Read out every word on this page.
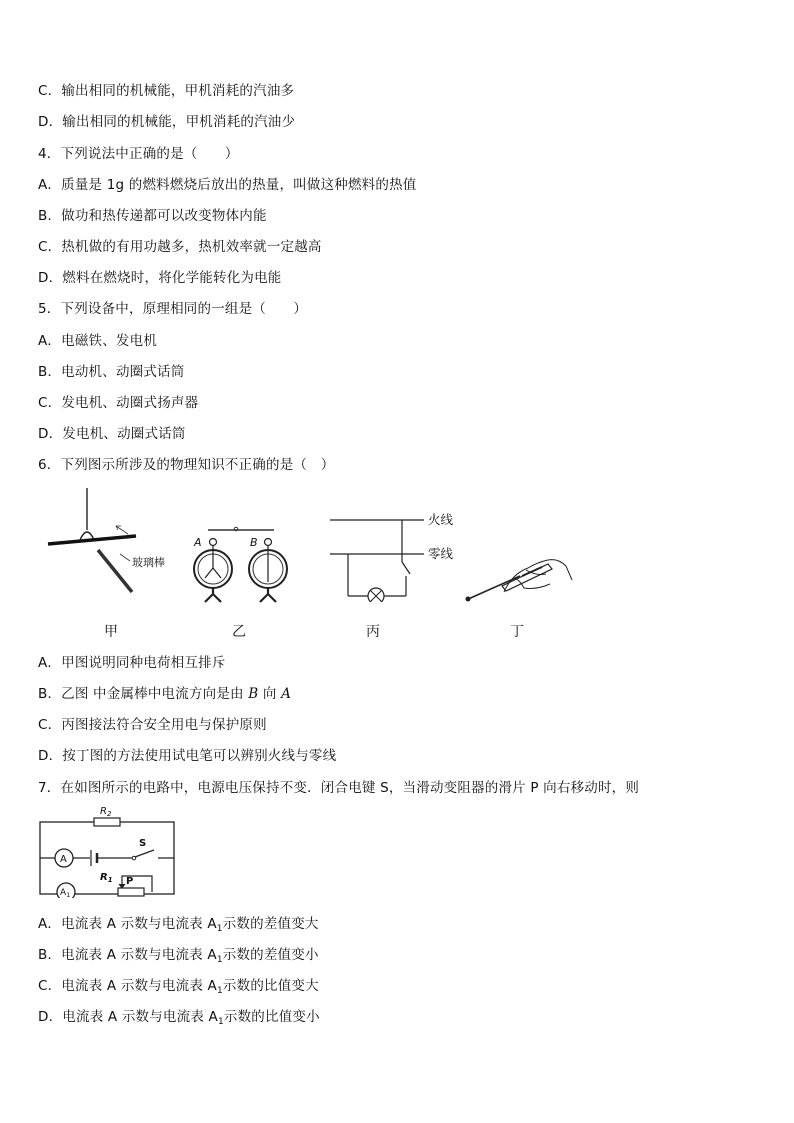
C．输出相同的机械能，甲机消耗的汽油多
D．输出相同的机械能，甲机消耗的汽油少
4．下列说法中正确的是（　　）
A．质量是 1g 的燃料燃烧后放出的热量，叫做这种燃料的热值
B．做功和热传递都可以改变物体内能
C．热机做的有用功越多，热机效率就一定越高
D．燃料在燃烧时，将化学能转化为电能
5．下列设备中，原理相同的一组是（　　）
A．电磁铁、发电机
B．电动机、动圈式话筒
C．发电机、动圈式扬声器
D．发电机、动圈式话筒
6．下列图示所涉及的物理知识不正确的是（　）
玻璃棒
A	B
火线
零线
甲	乙	丙	丁
A．甲图说明同种电荷相互排斥
B．乙图 中金属棒中电流方向是由 B 向 A
C．丙图接法符合安全用电与保护原则
D．按丁图的方法使用试电笔可以辨别火线与零线
7．在如图所示的电路中，电源电压保持不变．闭合电键 S，当滑动变阻器的滑片 P 向右移动时，则
$R_2$
A
S
$A_1$
$R_1$ P
A．电流表 A 示数与电流表 $A_1$示数的差值变大
B．电流表 A 示数与电流表 $A_1$示数的差值变小
C．电流表 A 示数与电流表 $A_1$示数的比值变大
D．电流表 A 示数与电流表 $A_1$示数的比值变小
